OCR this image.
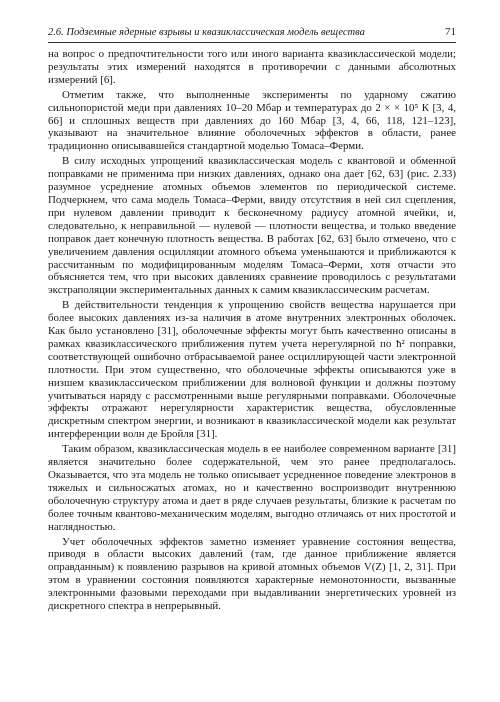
2.6. Подземные ядерные взрывы и квазиклассическая модель вещества	71

на вопрос о предпочтительности того или иного варианта квазиклассической модели; результаты этих измерений находятся в противоречии с данными абсолютных измерений [6].

Отметим также, что выполненные эксперименты по ударному сжатию сильнопористой меди при давлениях 10–20 Мбар и температурах до 2 × × 10⁵ К [3, 4, 66] и сплошных веществ при давлениях до 160 Мбар [3, 4, 66, 118, 121–123], указывают на значительное влияние оболочечных эффектов в области, ранее традиционно описывавшейся стандартной моделью Томаса–Ферми.

В силу исходных упрощений квазиклассическая модель с квантовой и обменной поправками не применима при низких давлениях, однако она дает [62, 63] (рис. 2.33) разумное усреднение атомных объемов элементов по периодической системе. Подчеркнем, что сама модель Томаса–Ферми, ввиду отсутствия в ней сил сцепления, при нулевом давлении приводит к бесконечному радиусу атомной ячейки, и, следовательно, к неправильной — нулевой — плотности вещества, и только введение поправок дает конечную плотность вещества. В работах [62, 63] было отмечено, что с увеличением давления осцилляции атомного объема уменьшаются и приближаются к рассчитанным по модифицированным моделям Томаса–Ферми, хотя отчасти это объясняется тем, что при высоких давлениях сравнение проводилось с результатами экстраполяции экспериментальных данных к самим квазиклассическим расчетам.

В действительности тенденция к упрощению свойств вещества нарушается при более высоких давлениях из-за наличия в атоме внутренних электронных оболочек. Как было установлено [31], оболочечные эффекты могут быть качественно описаны в рамках квазиклассического приближения путем учета нерегулярной по ħ² поправки, соответствующей ошибочно отбрасываемой ранее осциллирующей части электронной плотности. При этом существенно, что оболочечные эффекты описываются уже в низшем квазиклассическом приближении для волновой функции и должны поэтому учитываться наряду с рассмотренными выше регулярными поправками. Оболочечные эффекты отражают нерегулярности характеристик вещества, обусловленные дискретным спектром энергии, и возникают в квазиклассической модели как результат интерференции волн де Бройля [31].

Таким образом, квазиклассическая модель в ее наиболее современном варианте [31] является значительно более содержательной, чем это ранее предполагалось. Оказывается, что эта модель не только описывает усредненное поведение электронов в тяжелых и сильносжатых атомах, но и качественно воспроизводит внутреннюю оболочечную структуру атома и дает в ряде случаев результаты, близкие к расчетам по более точным квантово-механическим моделям, выгодно отличаясь от них простотой и наглядностью.

Учет оболочечных эффектов заметно изменяет уравнение состояния вещества, приводя в области высоких давлений (там, где данное приближение является оправданным) к появлению разрывов на кривой атомных объемов V(Z) [1, 2, 31]. При этом в уравнении состояния появляются характерные немонотонности, вызванные электронными фазовыми переходами при выдавливании энергетических уровней из дискретного спектра в непрерывный.
